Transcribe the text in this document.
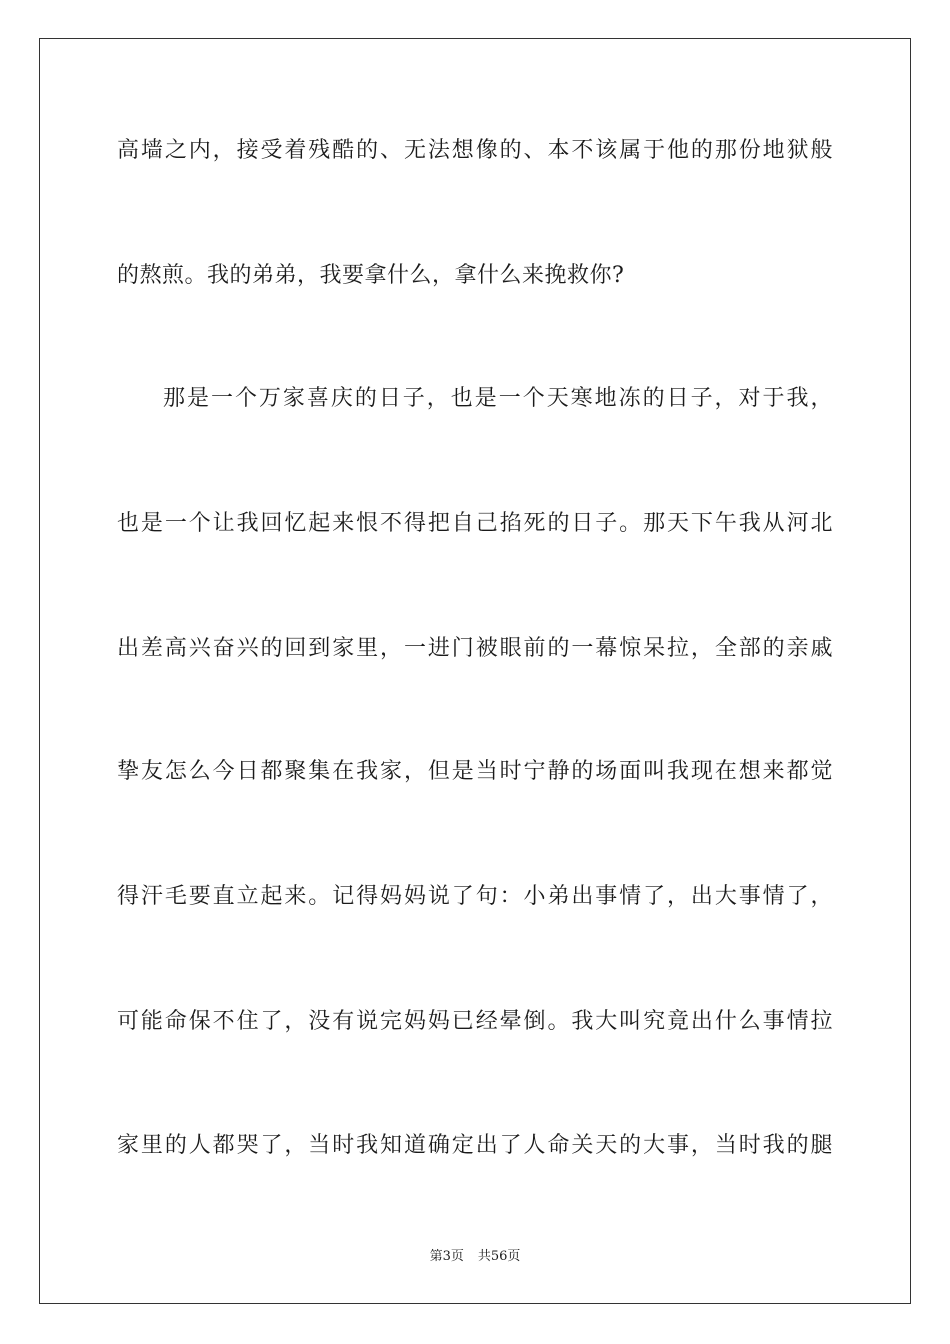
高墙之内，接受着残酷的、无法想像的、本不该属于他的那份地狱般
的熬煎。我的弟弟，我要拿什么，拿什么来挽救你?
那是一个万家喜庆的日子，也是一个天寒地冻的日子，对于我，
也是一个让我回忆起来恨不得把自己掐死的日子。那天下午我从河北
出差高兴奋兴的回到家里，一进门被眼前的一幕惊呆拉，全部的亲戚
挚友怎么今日都聚集在我家，但是当时宁静的场面叫我现在想来都觉
得汗毛要直立起来。记得妈妈说了句：小弟出事情了，出大事情了，
可能命保不住了，没有说完妈妈已经晕倒。我大叫究竟出什么事情拉
家里的人都哭了，当时我知道确定出了人命关天的大事，当时我的腿
第3页 共56页
